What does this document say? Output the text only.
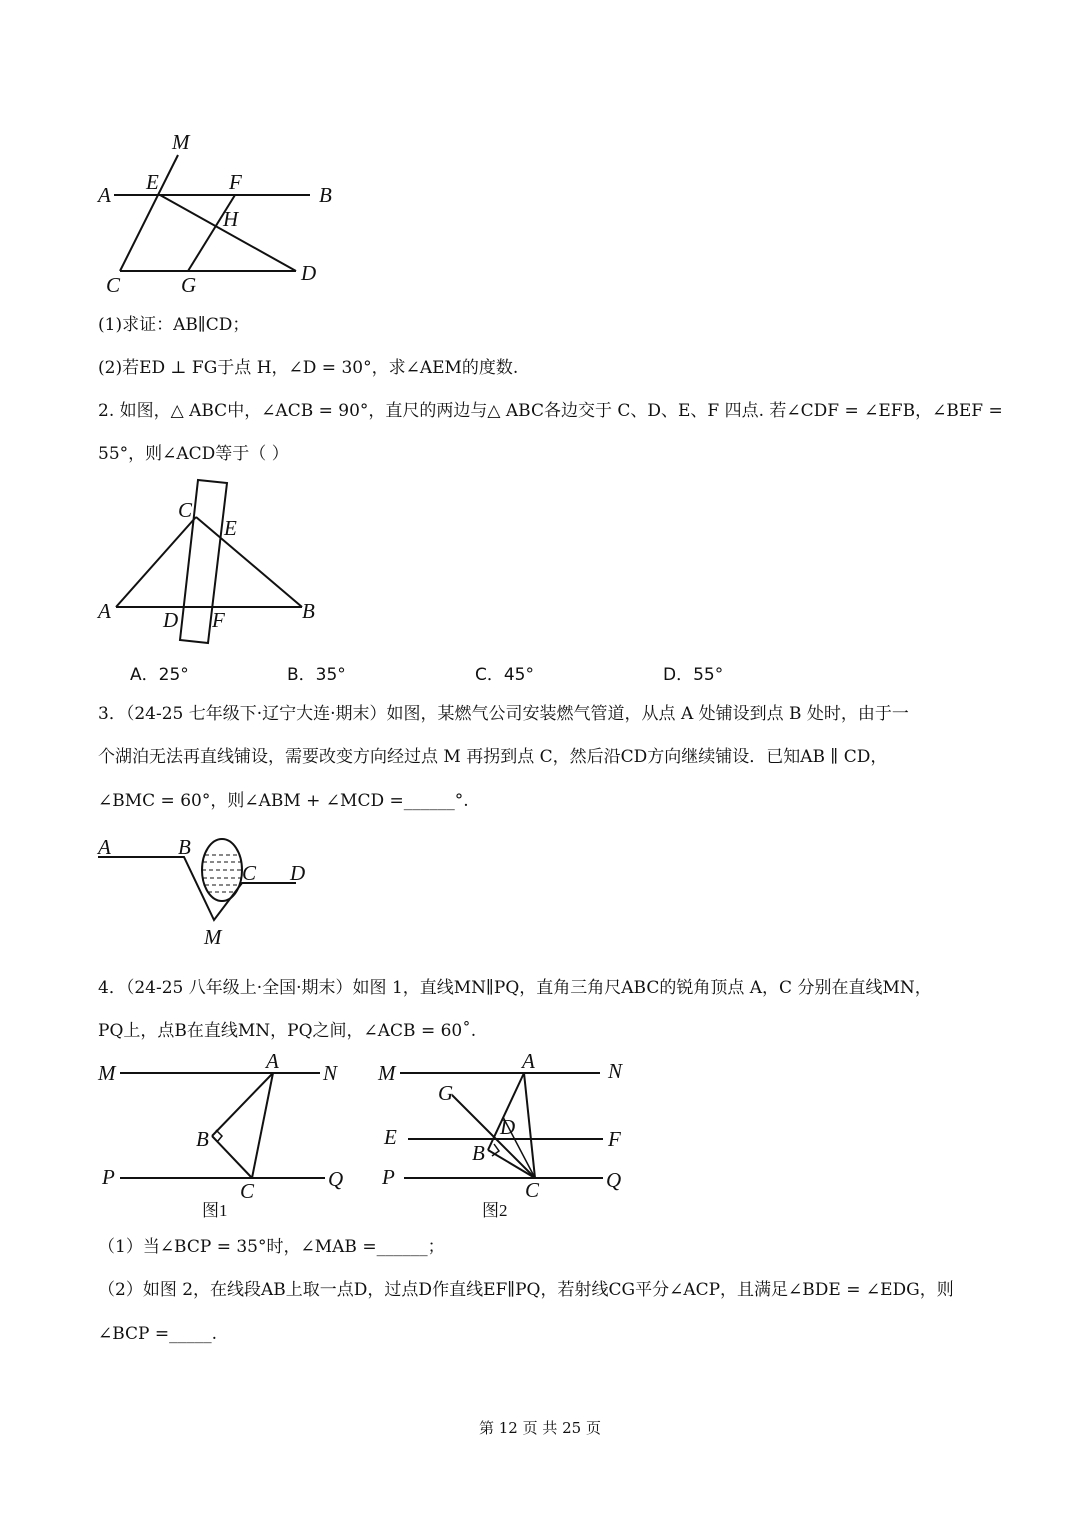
M
A
E	F
B
H
C	G	D
(1)求证：AB∥CD；
(2)若ED ⊥ FG于点 H，∠D = 30°，求∠AEM的度数.
2. 如图，△ ABC中，∠ACB = 90°，直尺的两边与△ ABC各边交于 C、D、E、F 四点. 若∠CDF = ∠EFB，∠BEF =
55°，则∠ACD等于（ ）
C
E
A D F	B
A．25°	B．35°	C．45°	D．55°
3．（24-25 七年级下·辽宁大连·期末）如图，某燃气公司安装燃气管道，从点 A 处铺设到点 B 处时，由于一
个湖泊无法再直线铺设，需要改变方向经过点 M 再拐到点 C，然后沿CD方向继续铺设．已知AB ∥ CD，
∠BMC = 60°，则∠ABM + ∠MCD =______°.
A	B
C D
M
4．（24-25 八年级上·全国·期末）如图 1，直线MN∥PQ，直角三角尺ABC的锐角顶点 A，C 分别在直线MN，
PQ上，点B在直线MN，PQ之间，∠ACB = 60˚.
M	A N
B
P
C	Q
图1
M	A	N
G
D
E	F
B
P
C	Q
图2
（1）当∠BCP = 35°时，∠MAB =______；
（2）如图 2，在线段AB上取一点D，过点D作直线EF∥PQ，若射线CG平分∠ACP，且满足∠BDE = ∠EDG，则
∠BCP =_____.
第 12 页 共 25 页
